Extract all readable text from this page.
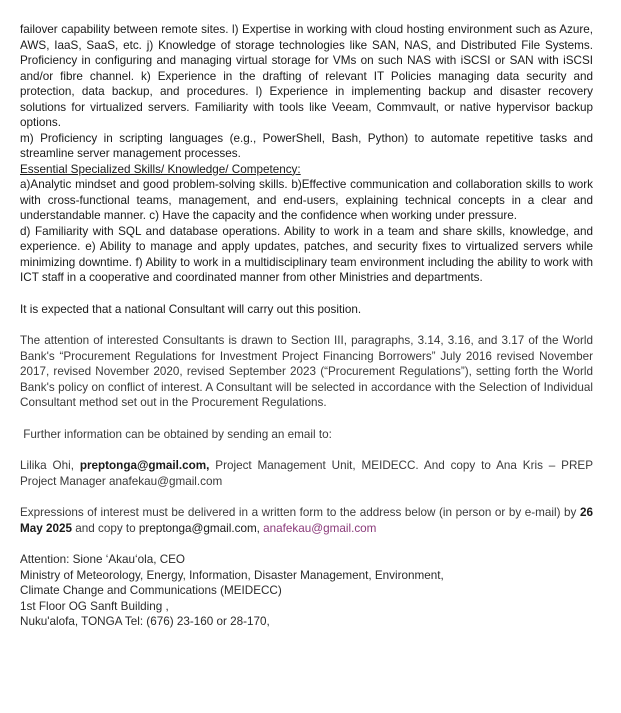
failover capability between remote sites. l) Expertise in working with cloud hosting environment such as Azure, AWS, IaaS, SaaS, etc. j) Knowledge of storage technologies like SAN, NAS, and Distributed File Systems. Proficiency in configuring and managing virtual storage for VMs on such NAS with iSCSI or SAN with iSCSI and/or fibre channel. k) Experience in the drafting of relevant IT Policies managing data security and protection, data backup, and procedures. l) Experience in implementing backup and disaster recovery solutions for virtualized servers. Familiarity with tools like Veeam, Commvault, or native hypervisor backup options.

m) Proficiency in scripting languages (e.g., PowerShell, Bash, Python) to automate repetitive tasks and streamline server management processes.

Essential Specialized Skills/ Knowledge/ Competency:

a)Analytic mindset and good problem-solving skills. b)Effective communication and collaboration skills to work with cross-functional teams, management, and end-users, explaining technical concepts in a clear and understandable manner. c) Have the capacity and the confidence when working under pressure.

d) Familiarity with SQL and database operations. Ability to work in a team and share skills, knowledge, and experience. e) Ability to manage and apply updates, patches, and security fixes to virtualized servers while minimizing downtime. f) Ability to work in a multidisciplinary team environment including the ability to work with ICT staff in a cooperative and coordinated manner from other Ministries and departments.

It is expected that a national Consultant will carry out this position.

The attention of interested Consultants is drawn to Section III, paragraphs, 3.14, 3.16, and 3.17 of the World Bank's “Procurement Regulations for Investment Project Financing Borrowers” July 2016 revised November 2017, revised November 2020, revised September 2023 (“Procurement Regulations”), setting forth the World Bank's policy on conflict of interest. A Consultant will be selected in accordance with the Selection of Individual Consultant method set out in the Procurement Regulations.

Further information can be obtained by sending an email to:

Lilika Ohi, preptonga@gmail.com, Project Management Unit, MEIDECC. And copy to Ana Kris – PREP Project Manager anafekau@gmail.com

Expressions of interest must be delivered in a written form to the address below (in person or by e-mail) by 26 May 2025 and copy to preptonga@gmail.com, anafekau@gmail.com

Attention: Sione ‘Akau‘ola, CEO

Ministry of Meteorology, Energy, Information, Disaster Management, Environment,

Climate Change and Communications (MEIDECC)

1st Floor OG Sanft Building ,

Nuku'alofa, TONGA Tel: (676) 23-160 or 28-170,
